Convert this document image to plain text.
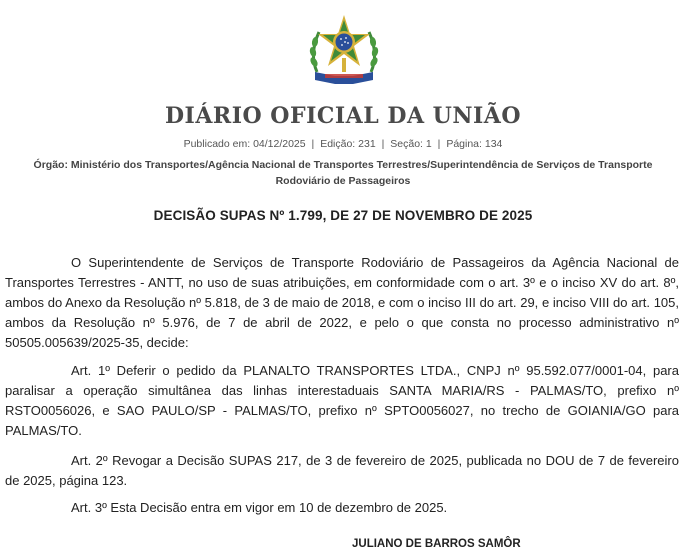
DIÁRIO OFICIAL DA UNIÃO
Publicado em: 04/12/2025 | Edição: 231 | Seção: 1 | Página: 134
Órgão: Ministério dos Transportes/Agência Nacional de Transportes Terrestres/Superintendência de Serviços de Transporte Rodoviário de Passageiros
DECISÃO SUPAS Nº 1.799, DE 27 DE NOVEMBRO DE 2025

O Superintendente de Serviços de Transporte Rodoviário de Passageiros da Agência Nacional de Transportes Terrestres - ANTT, no uso de suas atribuições, em conformidade com o art. 3º e o inciso XV do art. 8º, ambos do Anexo da Resolução nº 5.818, de 3 de maio de 2018, e com o inciso III do art. 29, e inciso VIII do art. 105, ambos da Resolução nº 5.976, de 7 de abril de 2022, e pelo o que consta no processo administrativo nº 50505.005639/2025-35, decide:

Art. 1º Deferir o pedido da PLANALTO TRANSPORTES LTDA., CNPJ nº 95.592.077/0001-04, para paralisar a operação simultânea das linhas interestaduais SANTA MARIA/RS - PALMAS/TO, prefixo nº RSTO0056026, e SAO PAULO/SP - PALMAS/TO, prefixo nº SPTO0056027, no trecho de GOIANIA/GO para PALMAS/TO.

Art. 2º Revogar a Decisão SUPAS 217, de 3 de fevereiro de 2025, publicada no DOU de 7 de fevereiro de 2025, página 123.

Art. 3º Esta Decisão entra em vigor em 10 de dezembro de 2025.

JULIANO DE BARROS SAMÔR
